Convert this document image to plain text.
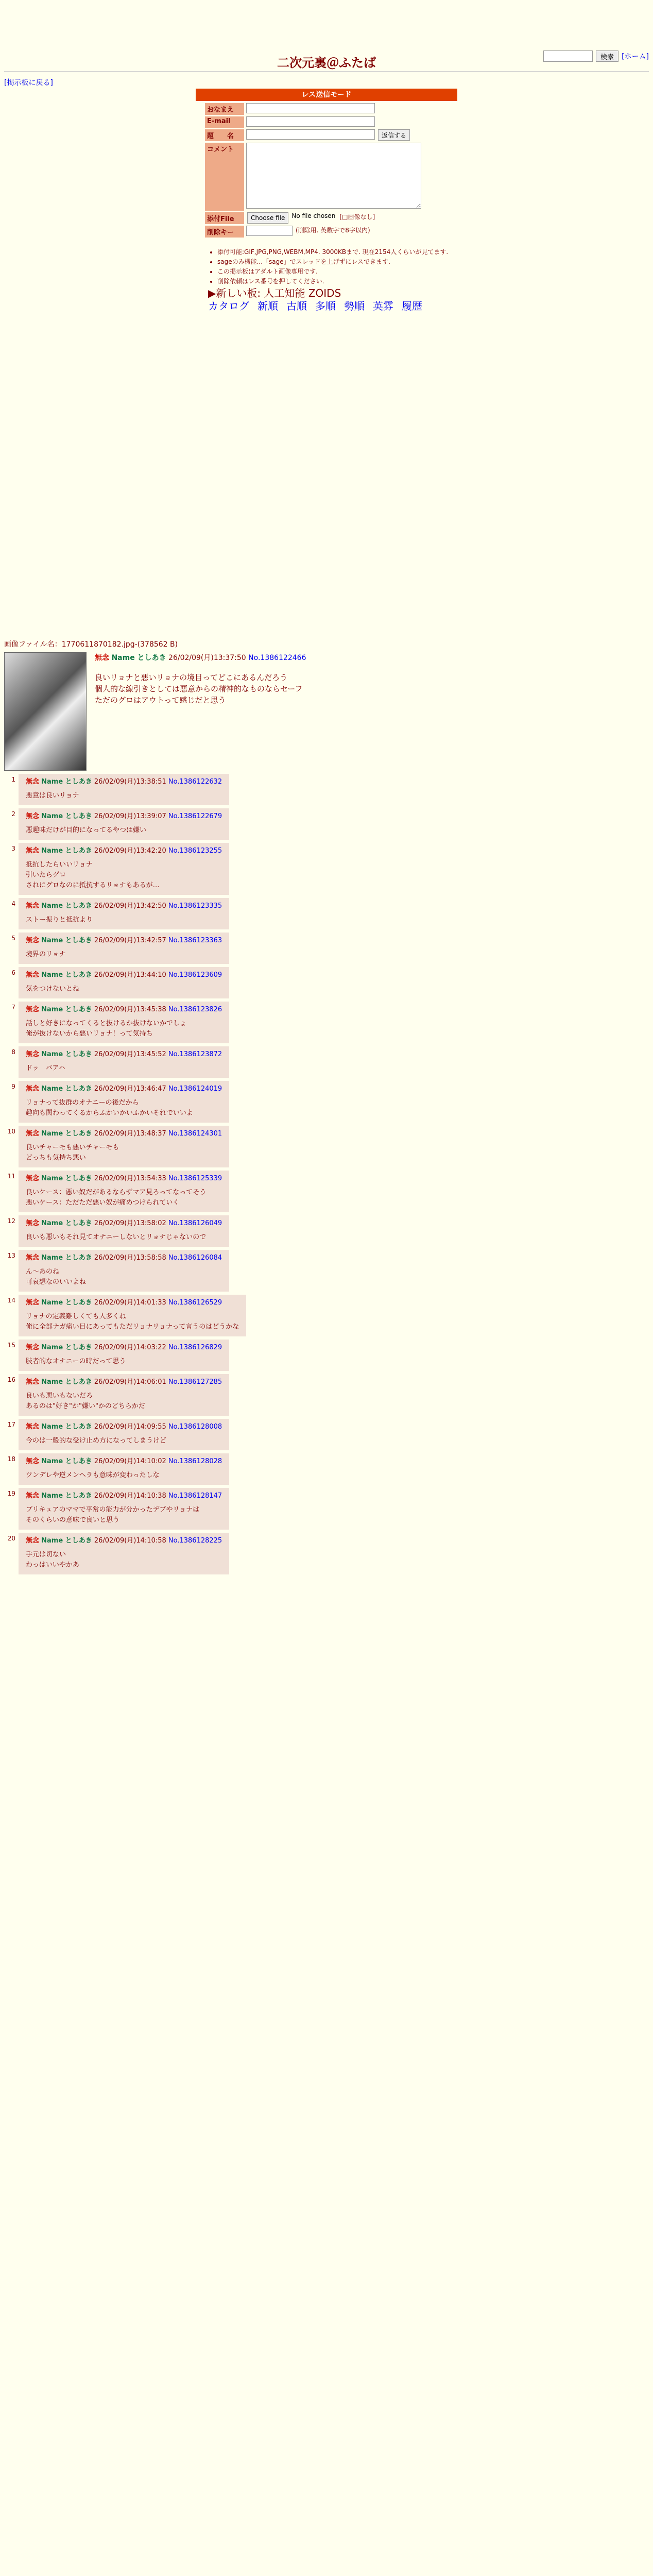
検索	[ホーム]
二次元裏＠ふたば
[掲示板に戻る]
レス送信モード
おなまえ
E-mail
題　　名	返信する
コメント
添付File	Choose file	No file chosen [□画像なし]
削除キー	(削除用. 英数字で8字以内)
• 添付可能:GIF,JPG,PNG,WEBM,MP4. 3000KBまで. 現在2154人くらいが見てます.
• sageのみ機能...「sage」でスレッドを上げずにレスできます.
• この掲示板はアダルト画像専用です.
• 削除依頼はレス番号を押してください.
▶新しい板: 人工知能 ZOIDS
カタログ 新順 古順 多順 勢順 英雰 履歴
画像ファイル名：1770611870182.jpg-(378562 B)
無念 Name としあき 26/02/09(月)13:37:50 No.1386122466
良いリョナと悪いリョナの境目ってどこにあるんだろう
個人的な線引きとしては悪意からの精神的なものならセーフ
ただのグロはアウトって感じだと思う
1 無念 Name としあき 26/02/09(月)13:38:51 No.1386122632
悪意は良いリョナ
2 無念 Name としあき 26/02/09(月)13:39:07 No.1386122679
悪趣味だけが目的になってるやつは嫌い
3 無念 Name としあき 26/02/09(月)13:42:20 No.1386123255
抵抗したらいいリョナ
引いたらグロ
されにグロなのに抵抗するリョナもあるが…
4 無念 Name としあき 26/02/09(月)13:42:50 No.1386123335
ストー振りと抵抗より
5 無念 Name としあき 26/02/09(月)13:42:57 No.1386123363
境界のリョナ
6 無念 Name としあき 26/02/09(月)13:44:10 No.1386123609
気をつけないとね
7 無念 Name としあき 26/02/09(月)13:45:38 No.1386123826
話しと好きになってくると抜けるか抜けないかでしょ
俺が抜けないから悪いリョナ！って気持ち
8 無念 Name としあき 26/02/09(月)13:45:52 No.1386123872
ドッ　バアハ
9 無念 Name としあき 26/02/09(月)13:46:47 No.1386124019
リョナって抜群のオナニーの後だから
趣向も関わってくるからふかいかいふかいそれでいいよ
10 無念 Name としあき 26/02/09(月)13:48:37 No.1386124301
良いチャーモも悪いチャーモも
どっちも気持ち悪い
11 無念 Name としあき 26/02/09(月)13:54:33 No.1386125339
良いケース：悪い奴だがあるならザマア見ろってなってそう
悪いケース：ただただ悪い奴が痛めつけられていく
12 無念 Name としあき 26/02/09(月)13:58:02 No.1386126049
良いも悪いもそれ見てオナニーしないとリョナじゃないので
13 無念 Name としあき 26/02/09(月)13:58:58 No.1386126084
ん〜あのね
可哀想なのいいよね
14 無念 Name としあき 26/02/09(月)14:01:33 No.1386126529
リョナの定義難しくても人多くね
俺に全部ナガ痛い目にあってもただリョナリョナって言うのはどうかな
15 無念 Name としあき 26/02/09(月)14:03:22 No.1386126829
肢者的なオナニーの時だって思う
16 無念 Name としあき 26/02/09(月)14:06:01 No.1386127285
良いも悪いもないだろ
あるのは"好き"か"嫌い"かのどちらかだ
17 無念 Name としあき 26/02/09(月)14:09:55 No.1386128008
今のは一般的な受け止め方になってしまうけど
18 無念 Name としあき 26/02/09(月)14:10:02 No.1386128028
ツンデレや逆メンヘラも意味が変わったしな
19 無念 Name としあき 26/02/09(月)14:10:38 No.1386128147
ブリキュアのママで平常の能力が分かったデブやリョナは
そのくらいの意味で良いと思う
20 無念 Name としあき 26/02/09(月)14:10:58 No.1386128225
手元は切ない
わっはいいやかあ
